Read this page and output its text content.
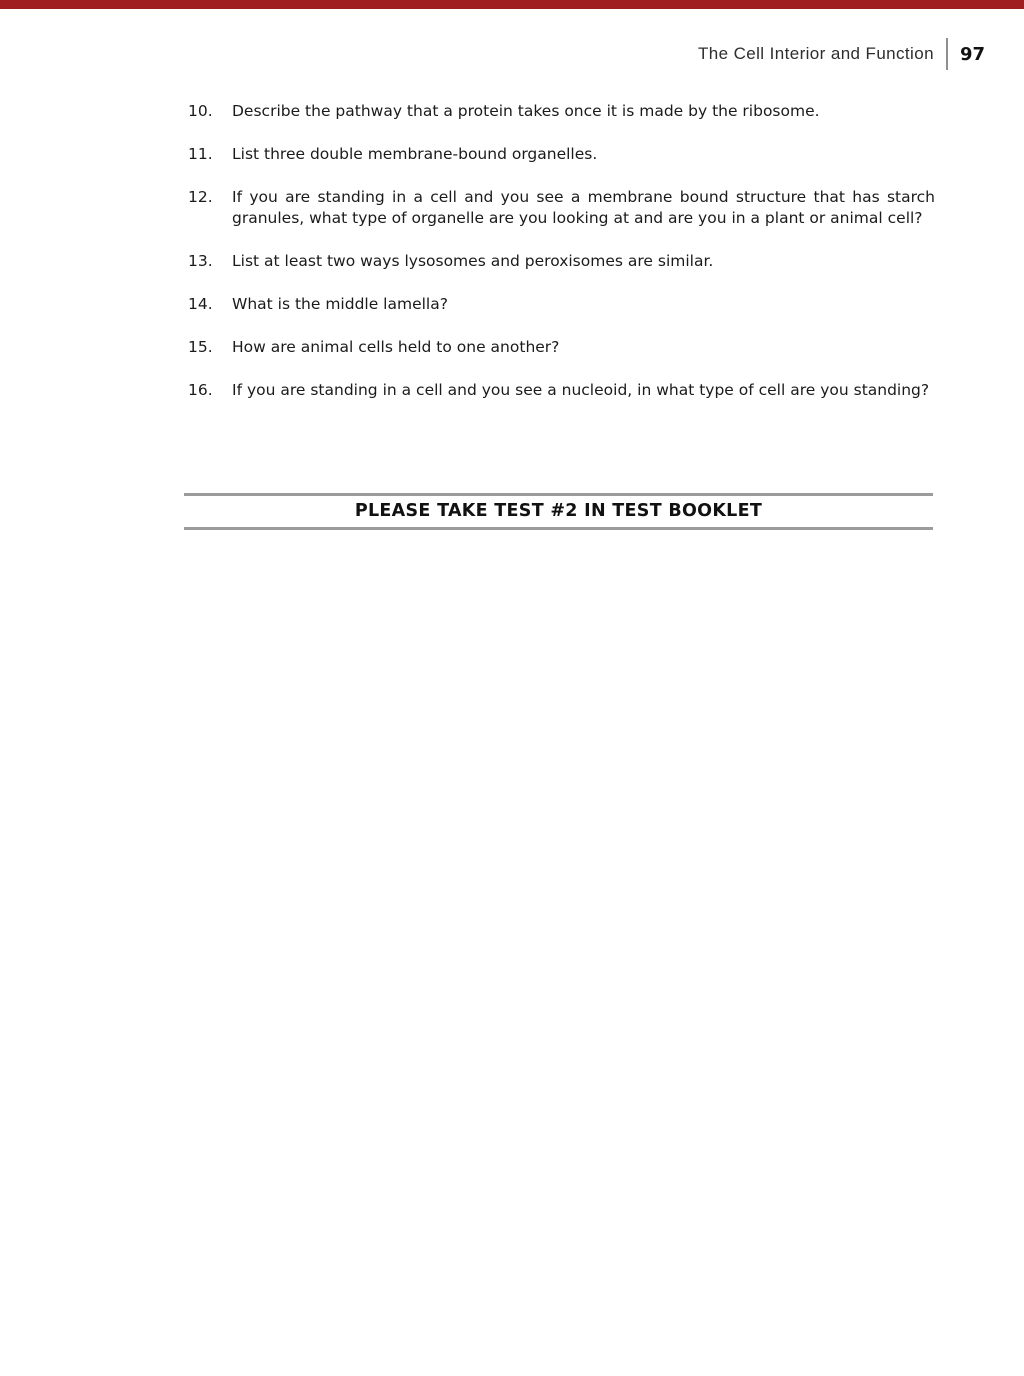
The Cell Interior and Function 97
10.	Describe the pathway that a protein takes once it is made by the ribosome.
11.	List three double membrane-bound organelles.
12.	If you are standing in a cell and you see a membrane bound structure that has starch granules, what type of organelle are you looking at and are you in a plant or animal cell?
13.	List at least two ways lysosomes and peroxisomes are similar.
14.	What is the middle lamella?
15.	How are animal cells held to one another?
16.	If you are standing in a cell and you see a nucleoid, in what type of cell are you standing?
PLEASE TAKE TEST #2 IN TEST BOOKLET
